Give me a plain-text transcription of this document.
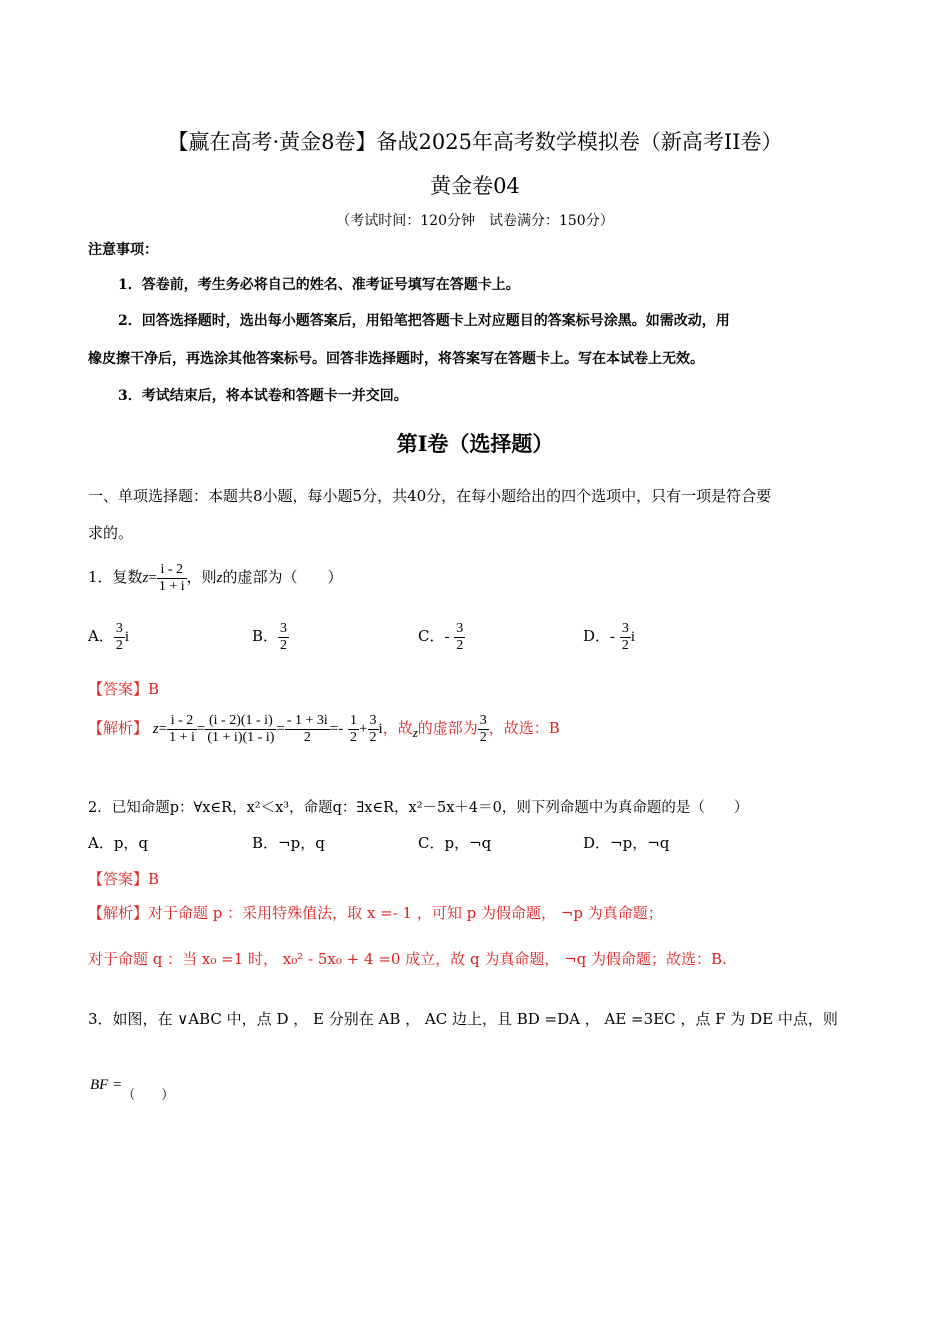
【赢在高考·黄金8卷】备战2025年高考数学模拟卷（新高考II卷）
黄金卷04
（考试时间：120分钟　试卷满分：150分）
注意事项：
1．答卷前，考生务必将自己的姓名、准考证号填写在答题卡上。
2．回答选择题时，选出每小题答案后，用铅笔把答题卡上对应题目的答案标号涂黑。如需改动，用
橡皮擦干净后，再选涂其他答案标号。回答非选择题时，将答案写在答题卡上。写在本试卷上无效。
3．考试结束后，将本试卷和答题卡一并交回。
第I卷（选择题）
一、单项选择题：本题共8小题，每小题5分，共40分，在每小题给出的四个选项中，只有一项是符合要
求的。
1．复数$z= \frac{i - 2}{1 + i}$ ，则z的虚部为（　　）
A． $\frac{3}{2}$ i	B． $\frac{3}{2}$	C．- $\frac{3}{2}$	D．- $\frac{3}{2}$ i
【答案】B
【解析】 $z= \frac{i - 2}{1 + i} = \frac{(i - 2)(1 - i)}{(1 + i)(1 - i)} = \frac{- 1 + 3i}{2} =- \frac{1}{2} + \frac{3}{2}$ i，故z的虚部为 $\frac{3}{2}$ ，故选：B
2．已知命题p：∀x∈R，x²＜x³，命题q：∃x∈R，x²－5x＋4＝0，则下列命题中为真命题的是（　　）
A．p，q	B．¬p，q	C．p，¬q	D．¬p，¬q
【答案】B
【解析】对于命题 p ：采用特殊值法，取 x =- 1 ，可知 p 为假命题， ¬p 为真命题；
对于命题 q ：当 x₀ =1 时， x₀² - 5x₀ + 4 =0 成立，故 q 为真命题， ¬q 为假命题；故选：B.
3．如图，在 ∨ABC 中，点 D ， E 分别在 AB ， AC 边上，且 BD =DA ， AE =3EC ，点 F 为 DE 中点，则
BF =（　　）
